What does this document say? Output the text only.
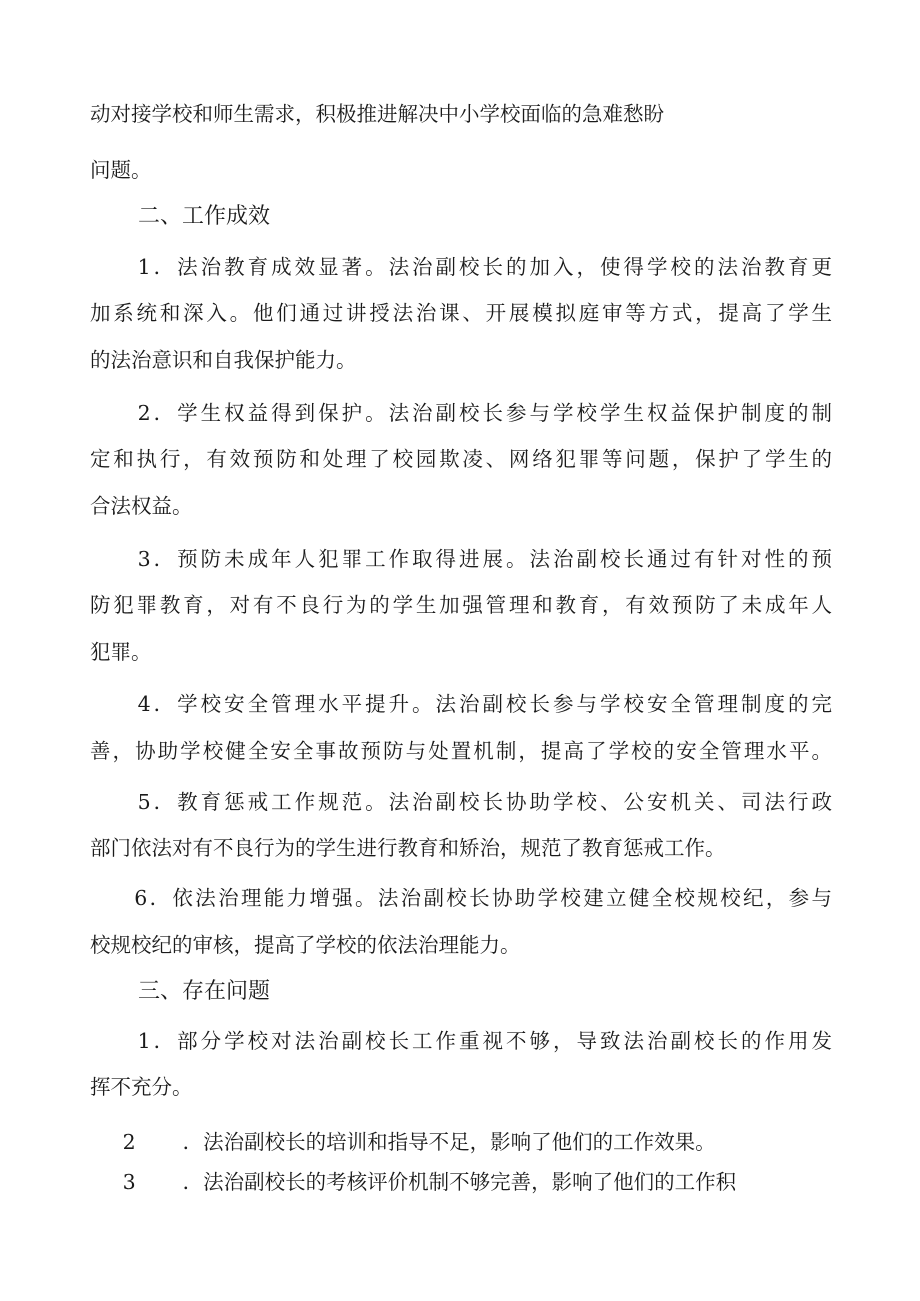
动对接学校和师生需求，积极推进解决中小学校面临的急难愁盼
问题。
二、工作成效
1．法治教育成效显著。法治副校长的加入，使得学校的法治教育更
加系统和深入。他们通过讲授法治课、开展模拟庭审等方式，提高了学生
的法治意识和自我保护能力。
2．学生权益得到保护。法治副校长参与学校学生权益保护制度的制
定和执行，有效预防和处理了校园欺凌、网络犯罪等问题，保护了学生的
合法权益。
3．预防未成年人犯罪工作取得进展。法治副校长通过有针对性的预
防犯罪教育，对有不良行为的学生加强管理和教育，有效预防了未成年人
犯罪。
4．学校安全管理水平提升。法治副校长参与学校安全管理制度的完
善，协助学校健全安全事故预防与处置机制，提高了学校的安全管理水平。
5．教育惩戒工作规范。法治副校长协助学校、公安机关、司法行政
部门依法对有不良行为的学生进行教育和矫治，规范了教育惩戒工作。
6．依法治理能力增强。法治副校长协助学校建立健全校规校纪，参与
校规校纪的审核，提高了学校的依法治理能力。
三、存在问题
1．部分学校对法治副校长工作重视不够，导致法治副校长的作用发
挥不充分。
2 ．法治副校长的培训和指导不足，影响了他们的工作效果。
3 ．法治副校长的考核评价机制不够完善，影响了他们的工作积
